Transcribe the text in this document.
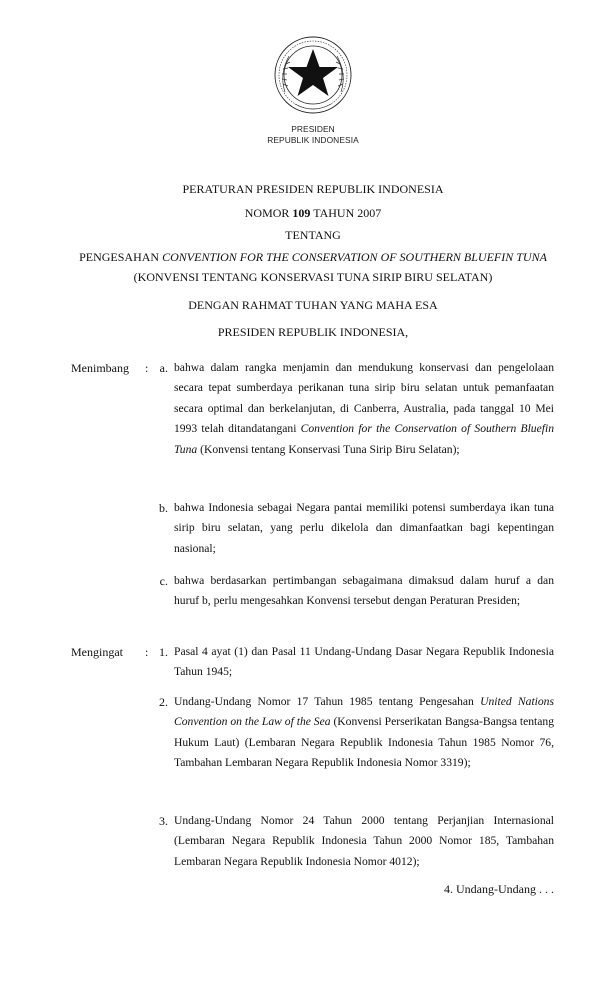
PRESIDEN
REPUBLIK INDONESIA
PERATURAN PRESIDEN REPUBLIK INDONESIA
NOMOR 109 TAHUN 2007
TENTANG
PENGESAHAN CONVENTION FOR THE CONSERVATION OF SOUTHERN BLUEFIN TUNA (KONVENSI TENTANG KONSERVASI TUNA SIRIP BIRU SELATAN)
DENGAN RAHMAT TUHAN YANG MAHA ESA
PRESIDEN REPUBLIK INDONESIA,
Menimbang : a. bahwa dalam rangka menjamin dan mendukung konservasi dan pengelolaan secara tepat sumberdaya perikanan tuna sirip biru selatan untuk pemanfaatan secara optimal dan berkelanjutan, di Canberra, Australia, pada tanggal 10 Mei 1993 telah ditandatangani Convention for the Conservation of Southern Bluefin Tuna (Konvensi tentang Konservasi Tuna Sirip Biru Selatan);
b. bahwa Indonesia sebagai Negara pantai memiliki potensi sumberdaya ikan tuna sirip biru selatan, yang perlu dikelola dan dimanfaatkan bagi kepentingan nasional;
c. bahwa berdasarkan pertimbangan sebagaimana dimaksud dalam huruf a dan huruf b, perlu mengesahkan Konvensi tersebut dengan Peraturan Presiden;
Mengingat : 1. Pasal 4 ayat (1) dan Pasal 11 Undang-Undang Dasar Negara Republik Indonesia Tahun 1945;
2. Undang-Undang Nomor 17 Tahun 1985 tentang Pengesahan United Nations Convention on the Law of the Sea (Konvensi Perserikatan Bangsa-Bangsa tentang Hukum Laut) (Lembaran Negara Republik Indonesia Tahun 1985 Nomor 76, Tambahan Lembaran Negara Republik Indonesia Nomor 3319);
3. Undang-Undang Nomor 24 Tahun 2000 tentang Perjanjian Internasional (Lembaran Negara Republik Indonesia Tahun 2000 Nomor 185, Tambahan Lembaran Negara Republik Indonesia Nomor 4012);
4. Undang-Undang . . .
